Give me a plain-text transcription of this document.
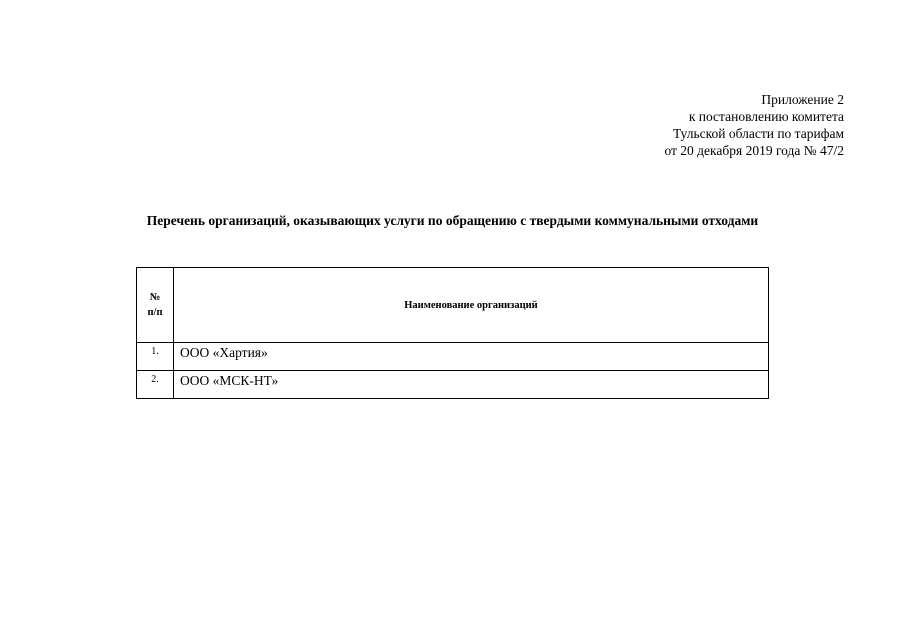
Приложение 2
к постановлению комитета
Тульской области по тарифам
от 20 декабря 2019 года № 47/2
Перечень организаций, оказывающих услуги по обращению с твердыми коммунальными отходами
№
п/п	Наименование организаций
1.	ООО «Хартия»
2.	ООО «МСК-НТ»
